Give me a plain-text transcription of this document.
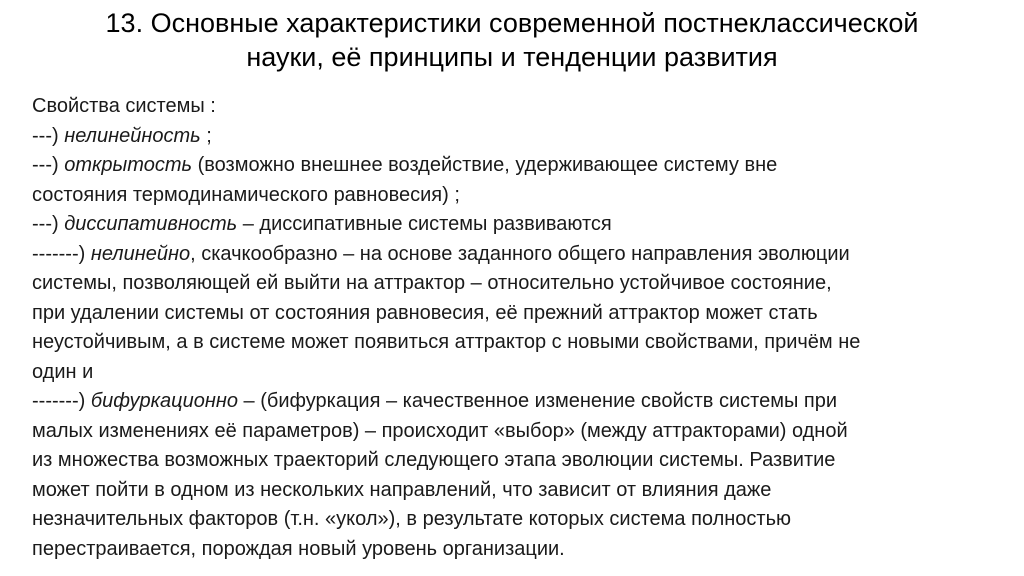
13. Основные характеристики современной постнеклассической
науки, её принципы и тенденции развития
Свойства системы :
---) нелинейность ;
---) открытость (возможно внешнее воздействие, удерживающее систему вне
состояния термодинамического равновесия) ;
---) диссипативность – диссипативные системы развиваются
-------) нелинейно, скачкообразно – на основе заданного общего направления эволюции
системы, позволяющей ей выйти на аттрактор – относительно устойчивое состояние,
при удалении системы от состояния равновесия, её прежний аттрактор может стать
неустойчивым, а в системе может появиться аттрактор с новыми свойствами, причём не
один и
-------) бифуркационно – (бифуркация – качественное изменение свойств системы при
малых изменениях её параметров) – происходит «выбор» (между аттракторами) одной
из множества возможных траекторий следующего этапа эволюции системы. Развитие
может пойти в одном из нескольких направлений, что зависит от влияния даже
незначительных факторов (т.н. «укол»), в результате которых система полностью
перестраивается, порождая новый уровень организации.
